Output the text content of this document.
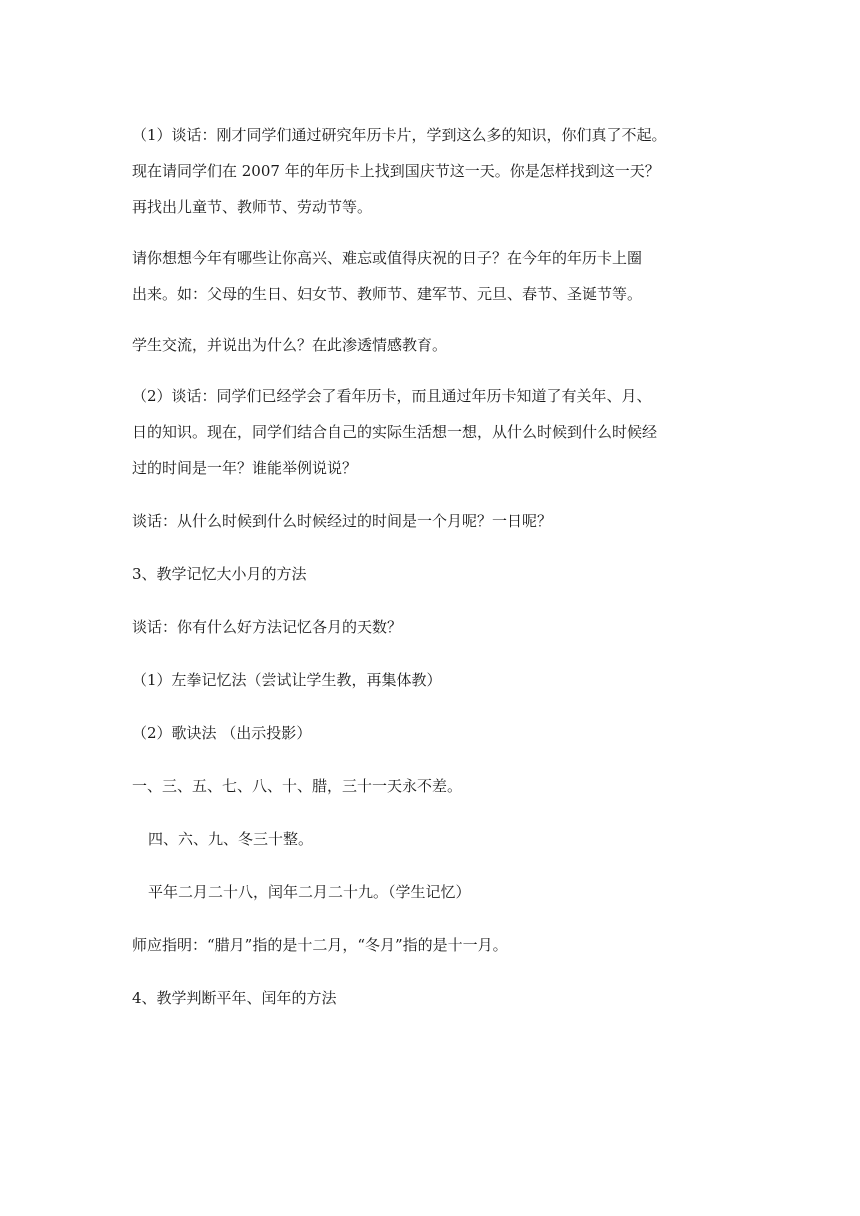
（1）谈话：刚才同学们通过研究年历卡片，学到这么多的知识，你们真了不起。

现在请同学们在 2007 年的年历卡上找到国庆节这一天。你是怎样找到这一天？

再找出儿童节、教师节、劳动节等。

请你想想今年有哪些让你高兴、难忘或值得庆祝的日子？在今年的年历卡上圈

出来。如：父母的生日、妇女节、教师节、建军节、元旦、春节、圣诞节等。

学生交流，并说出为什么？在此渗透情感教育。

（2）谈话：同学们已经学会了看年历卡，而且通过年历卡知道了有关年、月、

日的知识。现在，同学们结合自己的实际生活想一想，从什么时候到什么时候经

过的时间是一年？谁能举例说说？

谈话：从什么时候到什么时候经过的时间是一个月呢？一日呢？

3、教学记忆大小月的方法

谈话：你有什么好方法记忆各月的天数？

（1）左拳记忆法（尝试让学生教，再集体教）

（2）歌诀法 （出示投影）

一、三、五、七、八、十、腊，三十一天永不差。

四、六、九、冬三十整。

平年二月二十八，闰年二月二十九。（学生记忆）

师应指明：“腊月”指的是十二月，“冬月”指的是十一月。

4、教学判断平年、闰年的方法
